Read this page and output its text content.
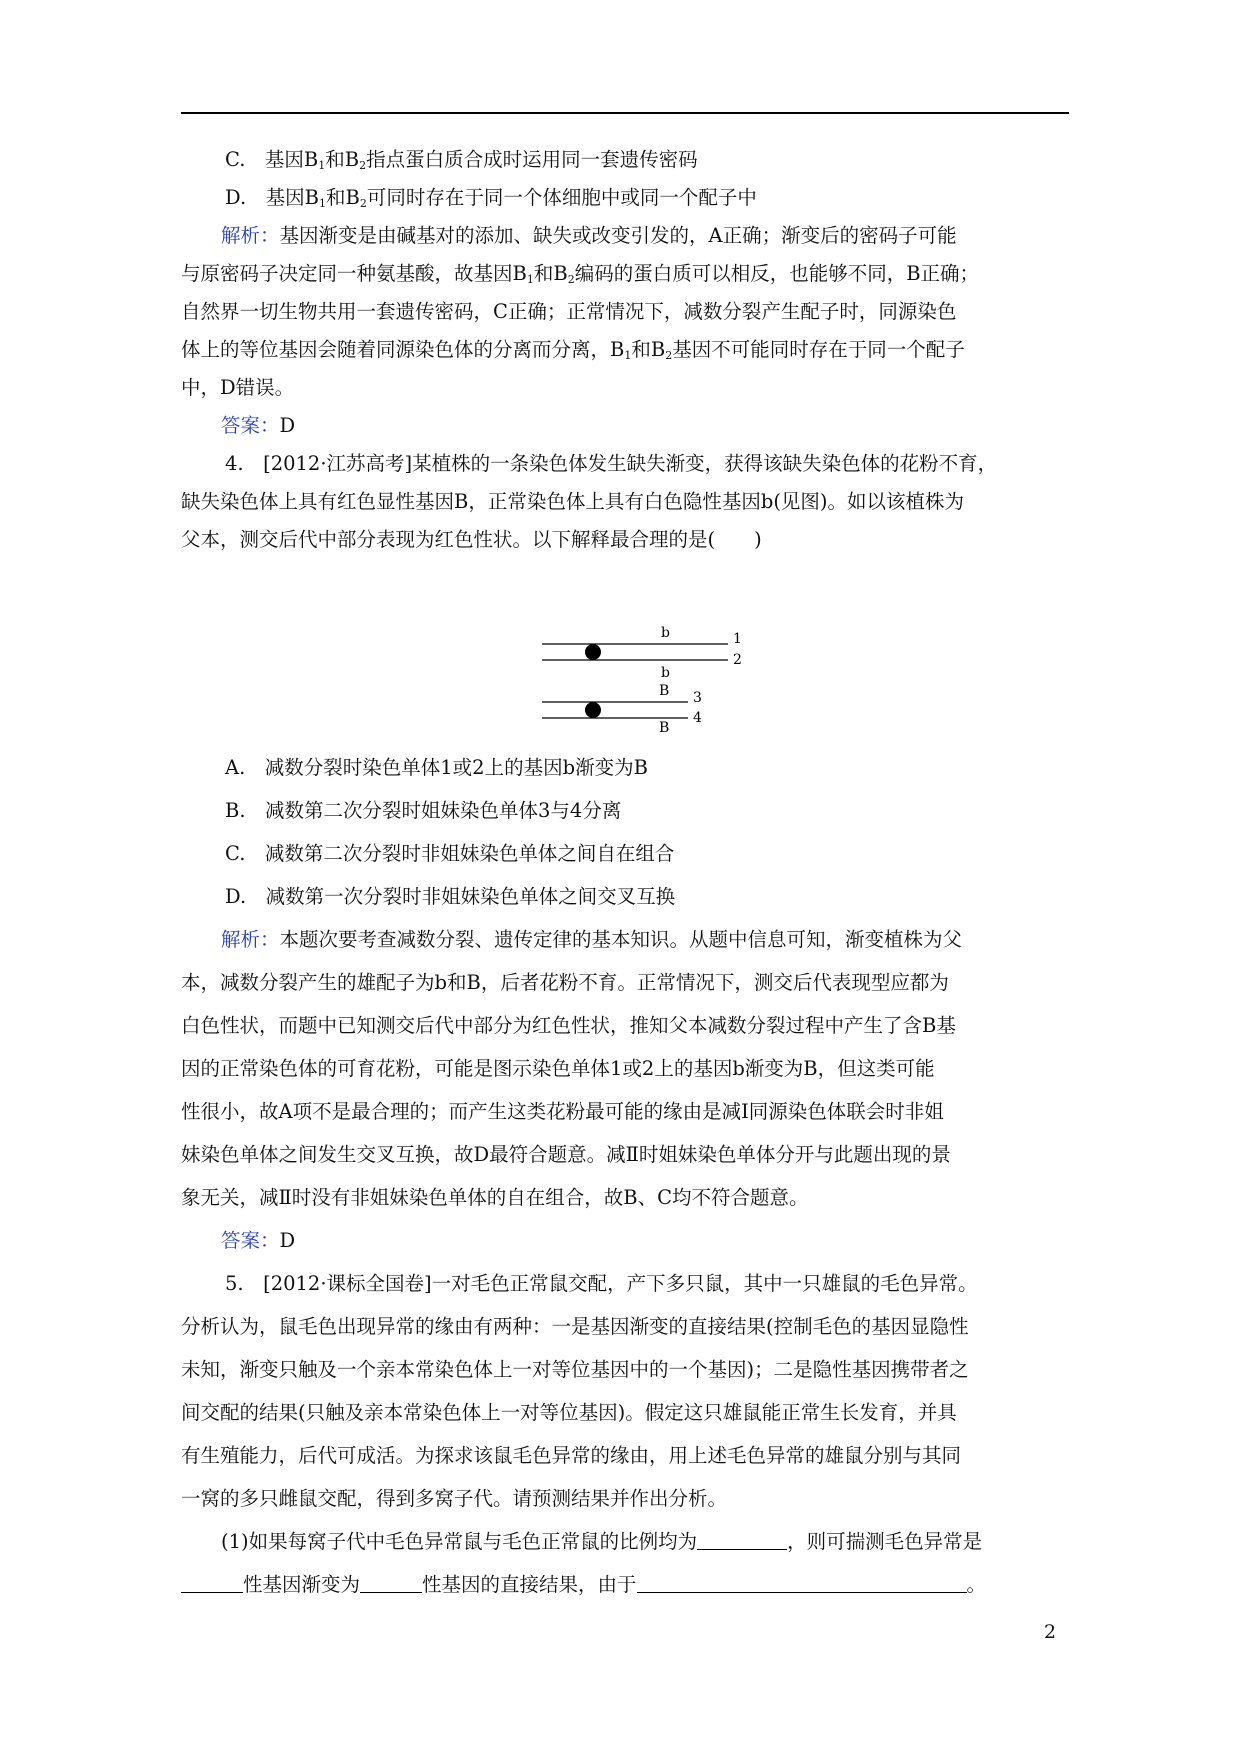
C.　基因$B_1$和$B_2$指点蛋白质合成时运用同一套遗传密码
D.　基因$B_1$和$B_2$可同时存在于同一个体细胞中或同一个配子中
解析：基因渐变是由碱基对的添加、缺失或改变引发的，A正确；渐变后的密码子可能
与原密码子决定同一种氨基酸，故基因$B_1$和$B_2$编码的蛋白质可以相反，也能够不同，B正确；
自然界一切生物共用一套遗传密码，C正确；正常情况下，减数分裂产生配子时，同源染色
体上的等位基因会随着同源染色体的分离而分离，$B_1$和$B_2$基因不可能同时存在于同一个配子
中，D错误。
答案：D
4.　[2012·江苏高考]某植株的一条染色体发生缺失渐变，获得该缺失染色体的花粉不育，
缺失染色体上具有红色显性基因B，正常染色体上具有白色隐性基因b(见图)。如以该植株为
父本，测交后代中部分表现为红色性状。以下解释最合理的是(　　)
b	1
2
b
B 3
4
B
A.　减数分裂时染色单体1或2上的基因b渐变为B
B.　减数第二次分裂时姐妹染色单体3与4分离
C.　减数第二次分裂时非姐妹染色单体之间自在组合
D.　减数第一次分裂时非姐妹染色单体之间交叉互换
解析：本题次要考查减数分裂、遗传定律的基本知识。从题中信息可知，渐变植株为父
本，减数分裂产生的雄配子为b和B，后者花粉不育。正常情况下，测交后代表现型应都为
白色性状，而题中已知测交后代中部分为红色性状，推知父本减数分裂过程中产生了含B基
因的正常染色体的可育花粉，可能是图示染色单体1或2上的基因b渐变为B，但这类可能
性很小，故A项不是最合理的；而产生这类花粉最可能的缘由是减Ⅰ同源染色体联会时非姐
妹染色单体之间发生交叉互换，故D最符合题意。减Ⅱ时姐妹染色单体分开与此题出现的景
象无关，减Ⅱ时没有非姐妹染色单体的自在组合，故B、C均不符合题意。
答案：D
5.　[2012·课标全国卷]一对毛色正常鼠交配，产下多只鼠，其中一只雄鼠的毛色异常。
分析认为，鼠毛色出现异常的缘由有两种：一是基因渐变的直接结果(控制毛色的基因显隐性
未知，渐变只触及一个亲本常染色体上一对等位基因中的一个基因)；二是隐性基因携带者之
间交配的结果(只触及亲本常染色体上一对等位基因)。假定这只雄鼠能正常生长发育，并具
有生殖能力，后代可成活。为探求该鼠毛色异常的缘由，用上述毛色异常的雄鼠分别与其同
一窝的多只雌鼠交配，得到多窝子代。请预测结果并作出分析。
(1)如果每窝子代中毛色异常鼠与毛色正常鼠的比例均为	，则可揣测毛色异常是
性基因渐变为	性基因的直接结果，由于	。
2
